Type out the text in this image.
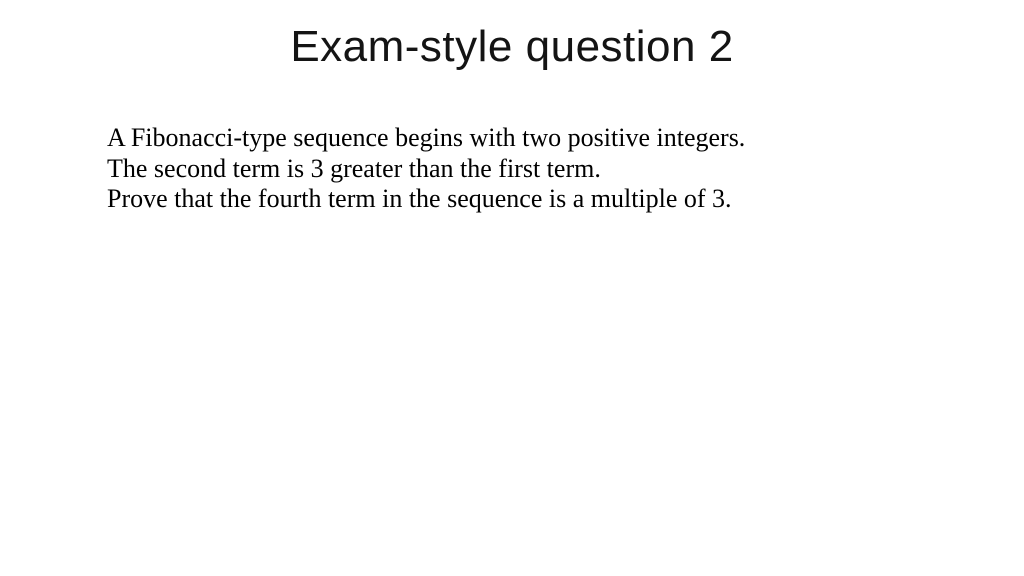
Exam-style question 2
A Fibonacci-type sequence begins with two positive integers.
The second term is 3 greater than the first term.
Prove that the fourth term in the sequence is a multiple of 3.
